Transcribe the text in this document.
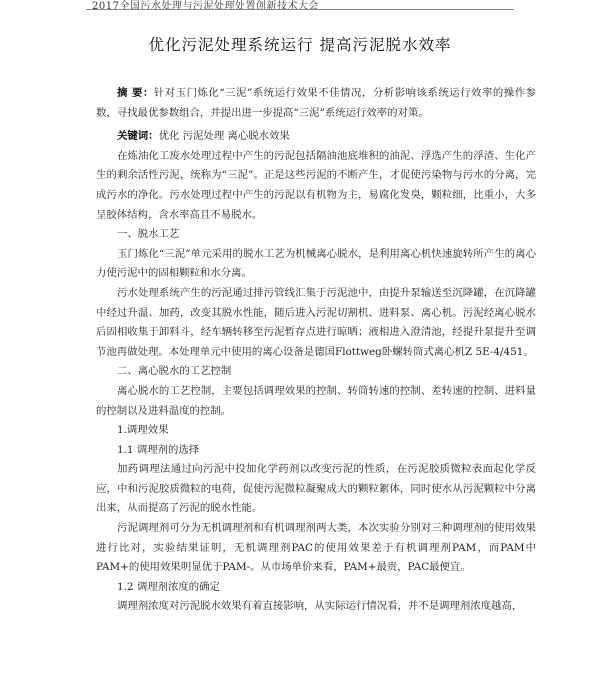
2017全国污水处理与污泥处理处置创新技术大会
优化污泥处理系统运行 提高污泥脱水效率

摘 要：针对玉门炼化“三泥”系统运行效果不佳情况，分析影响该系统运行效率的操作参数，寻找最优参数组合，并提出进一步提高“三泥”系统运行效率的对策。

关键词：优化 污泥处理 离心脱水效果

在炼油化工废水处理过程中产生的污泥包括隔油池底堆积的油泥、浮选产生的浮渣、生化产生的剩余活性污泥，统称为“三泥”。正是这些污泥的不断产生，才促使污染物与污水的分离，完成污水的净化。污水处理过程中产生的污泥以有机物为主，易腐化发臭，颗粒细，比重小，大多呈胶体结构，含水率高且不易脱水。

一、脱水工艺

玉门炼化“三泥”单元采用的脱水工艺为机械离心脱水，是利用离心机快速旋转所产生的离心力使污泥中的固相颗粒和水分离。

污水处理系统产生的污泥通过排污管线汇集于污泥池中，由提升泵输送至沉降罐，在沉降罐中经过升温、加药，改变其脱水性能，随后进入污泥切割机、进料泵、离心机。污泥经离心脱水后固相收集于卸料斗，经车辆转移至污泥暂存点进行晾晒；液相进入澄清池，经提升泵提升至调节池再做处理。本处理单元中使用的离心设备是德国Flottweg卧螺转筒式离心机Z 5E-4/451。

二、离心脱水的工艺控制

离心脱水的工艺控制，主要包括调理效果的控制、转筒转速的控制、差转速的控制、进料量的控制以及进料温度的控制。

1.调理效果

1.1 调理剂的选择

加药调理法通过向污泥中投加化学药剂以改变污泥的性质，在污泥胶质微粒表面起化学反应，中和污泥胶质微粒的电荷，促使污泥微粒凝聚成大的颗粒絮体，同时使水从污泥颗粒中分离出来，从而提高了污泥的脱水性能。

污泥调理剂可分为无机调理剂和有机调理剂两大类，本次实验分别对三种调理剂的使用效果进行比对，实验结果证明，无机调理剂PAC的使用效果差于有机调理剂PAM，而PAM中PAM+的使用效果明显优于PAM-。从市场单价来看，PAM+最贵，PAC最便宜。

1.2 调理剂浓度的确定

调理剂浓度对污泥脱水效果有着直接影响，从实际运行情况看，并不是调理剂浓度越高，
